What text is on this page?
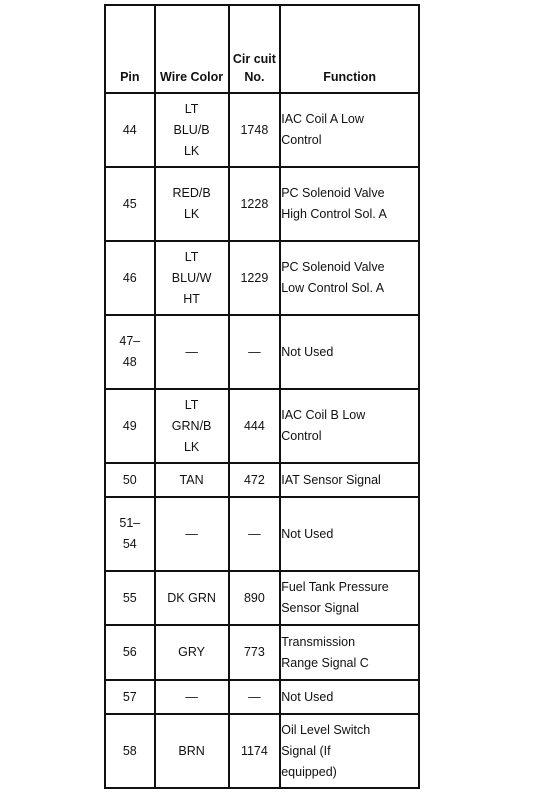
Pin	Wire Color	Cir cuit No.	Function

44	LT
BLU/B
LK	1748	IAC Coil A Low
Control

45	RED/B
LK	1228	PC Solenoid Valve
High Control Sol. A

46	LT
BLU/W
HT	1229	PC Solenoid Valve
Low Control Sol. A

47–
48	—	—	Not Used

49	LT
GRN/B
LK	444	IAC Coil B Low
Control

50	TAN	472	IAT Sensor Signal

51–
54	—	—	Not Used

55	DK GRN	890	Fuel Tank Pressure
Sensor Signal

56	GRY	773	Transmission
Range Signal C

57	—	—	Not Used

58	BRN	1174	Oil Level Switch
Signal (If
equipped)
